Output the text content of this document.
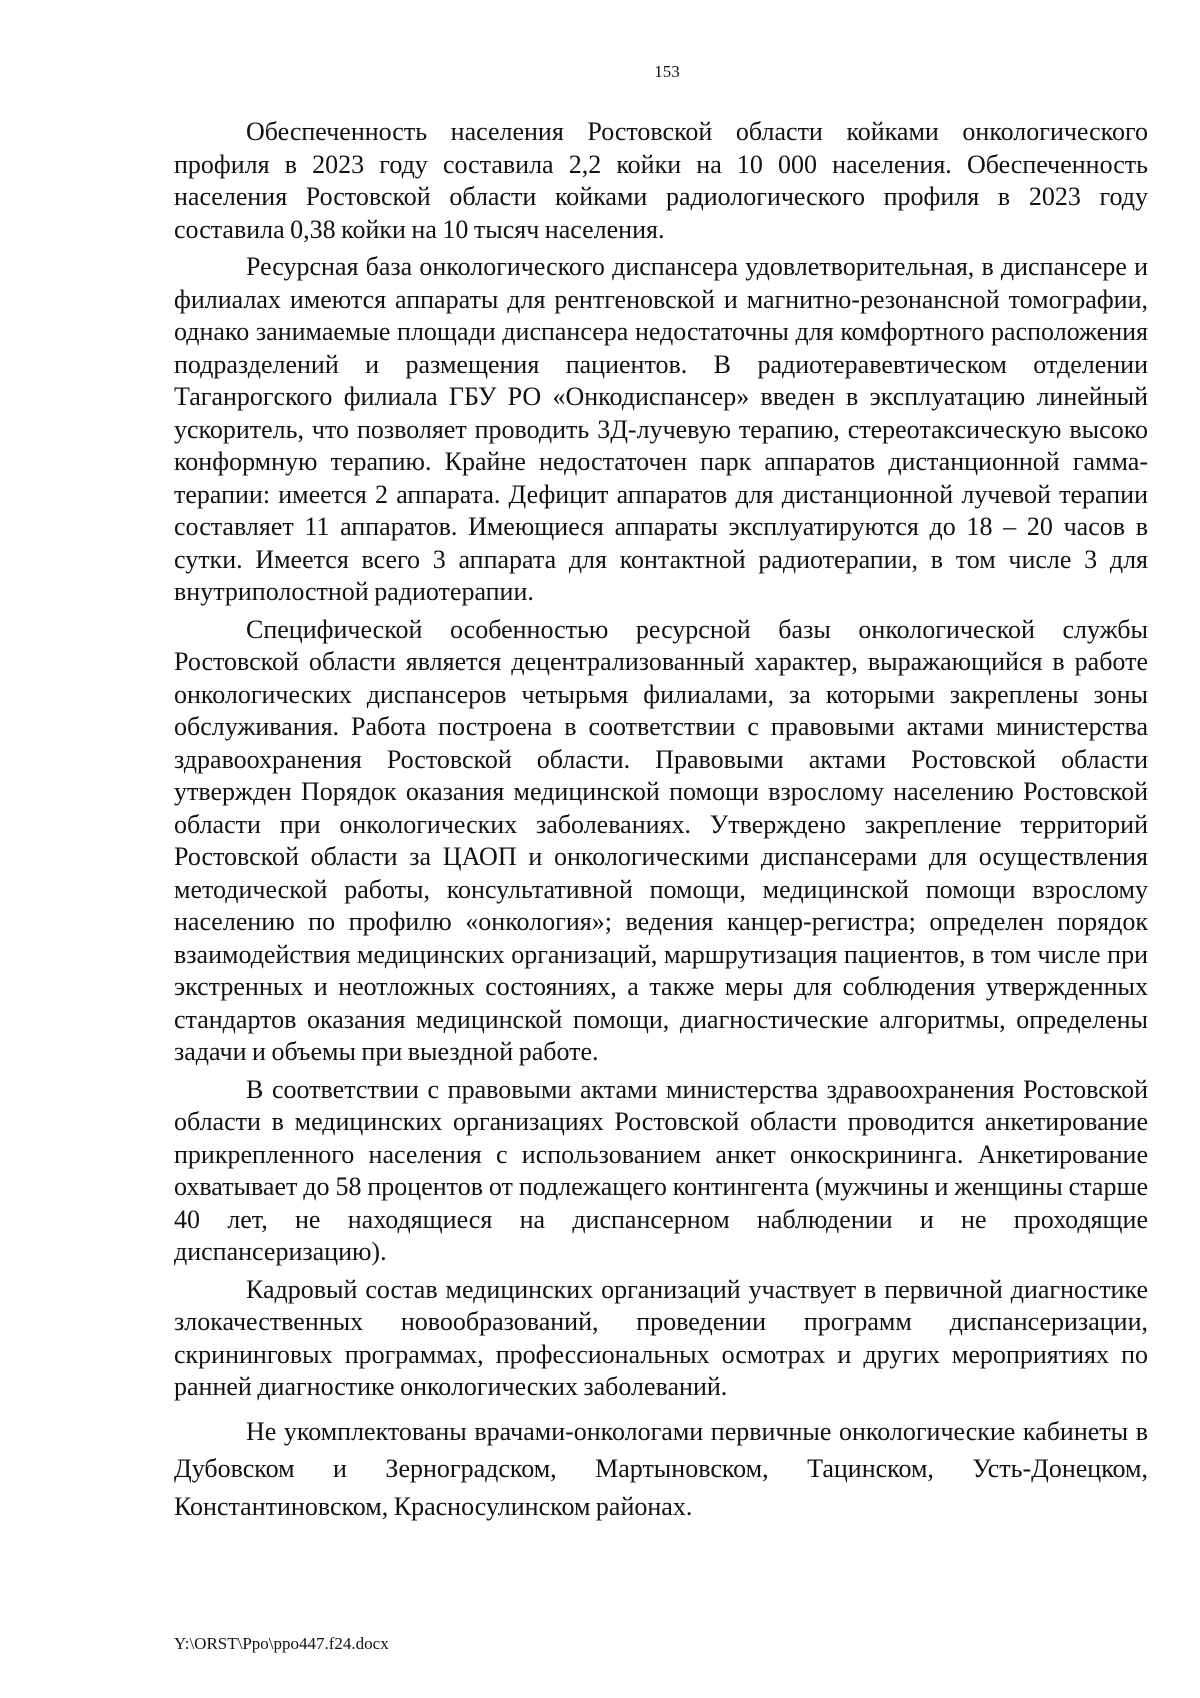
153

Обеспеченность населения Ростовской области койками онкологического профиля в 2023 году составила 2,2 койки на 10 000 населения. Обеспеченность населения Ростовской области койками радиологического профиля в 2023 году составила 0,38 койки на 10 тысяч населения.

Ресурсная база онкологического диспансера удовлетворительная, в диспансере и филиалах имеются аппараты для рентгеновской и магнитно-резонансной томографии, однако занимаемые площади диспансера недостаточны для комфортного расположения подразделений и размещения пациентов. В радиотеравевтическом отделении Таганрогского филиала ГБУ РО «Онкодиспансер» введен в эксплуатацию линейный ускоритель, что позволяет проводить 3Д-лучевую терапию, стереотаксическую высоко конформную терапию. Крайне недостаточен парк аппаратов дистанционной гамма-терапии: имеется 2 аппарата. Дефицит аппаратов для дистанционной лучевой терапии составляет 11 аппаратов. Имеющиеся аппараты эксплуатируются до 18 – 20 часов в сутки. Имеется всего 3 аппарата для контактной радиотерапии, в том числе 3 для внутриполостной радиотерапии.

Специфической особенностью ресурсной базы онкологической службы Ростовской области является децентрализованный характер, выражающийся в работе онкологических диспансеров четырьмя филиалами, за которыми закреплены зоны обслуживания. Работа построена в соответствии с правовыми актами министерства здравоохранения Ростовской области. Правовыми актами Ростовской области утвержден Порядок оказания медицинской помощи взрослому населению Ростовской области при онкологических заболеваниях. Утверждено закрепление территорий Ростовской области за ЦАОП и онкологическими диспансерами для осуществления методической работы, консультативной помощи, медицинской помощи взрослому населению по профилю «онкология»; ведения канцер-регистра; определен порядок взаимодействия медицинских организаций, маршрутизация пациентов, в том числе при экстренных и неотложных состояниях, а также меры для соблюдения утвержденных стандартов оказания медицинской помощи, диагностические алгоритмы, определены задачи и объемы при выездной работе.

В соответствии с правовыми актами министерства здравоохранения Ростовской области в медицинских организациях Ростовской области проводится анкетирование прикрепленного населения с использованием анкет онкоскрининга. Анкетирование охватывает до 58 процентов от подлежащего контингента (мужчины и женщины старше 40 лет, не находящиеся на диспансерном наблюдении и не проходящие диспансеризацию).

Кадровый состав медицинских организаций участвует в первичной диагностике злокачественных новообразований, проведении программ диспансеризации, скрининговых программах, профессиональных осмотрах и других мероприятиях по ранней диагностике онкологических заболеваний.

Не укомплектованы врачами-онкологами первичные онкологические кабинеты в Дубовском и Зерноградском, Мартыновском, Тацинском, Усть-Донецком, Константиновском, Красносулинском районах.

Y:\ORST\Ppo\ppo447.f24.docx
